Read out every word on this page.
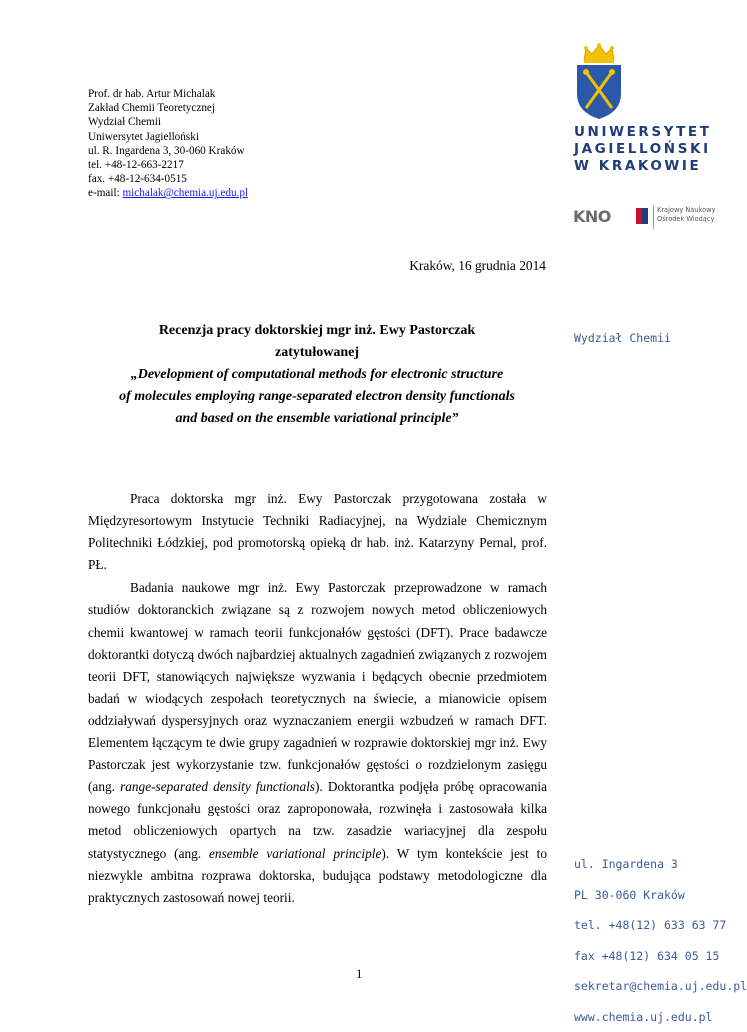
Prof. dr hab. Artur Michalak
Zakład Chemii Teoretycznej
Wydział Chemii
Uniwersytet Jagielloński
ul. R. Ingardena 3, 30-060 Kraków
tel. +48-12-663-2217
fax. +48-12-634-0515
e-mail: michalak@chemia.uj.edu.pl
UNIWERSYTET
JAGIELLOŃSKI
W KRAKOWIE
KNO	Krajowy Naukowy
Ośrodek Wiodący
Kraków, 16 grudnia 2014
Wydział Chemii
Recenzja pracy doktorskiej mgr inż. Ewy Pastorczak
zatytułowanej
„Development of computational methods for electronic structure
of molecules employing range-separated electron density functionals
and based on the ensemble variational principle”

Praca doktorska mgr inż. Ewy Pastorczak przygotowana została w Międzyresortowym Instytucie Techniki Radiacyjnej, na Wydziale Chemicznym Politechniki Łódzkiej, pod promotorską opieką dr hab. inż. Katarzyny Pernal, prof. PŁ.

Badania naukowe mgr inż. Ewy Pastorczak przeprowadzone w ramach studiów doktoranckich związane są z rozwojem nowych metod obliczeniowych chemii kwantowej w ramach teorii funkcjonałów gęstości (DFT). Prace badawcze doktorantki dotyczą dwóch najbardziej aktualnych zagadnień związanych z rozwojem teorii DFT, stanowiących największe wyzwania i będących obecnie przedmiotem badań w wiodących zespołach teoretycznych na świecie, a mianowicie opisem oddziaływań dyspersyjnych oraz wyznaczaniem energii wzbudzeń w ramach DFT. Elementem łączącym te dwie grupy zagadnień w rozprawie doktorskiej mgr inż. Ewy Pastorczak jest wykorzystanie tzw. funkcjonałów gęstości o rozdzielonym zasięgu (ang. range-separated density functionals). Doktorantka podjęła próbę opracowania nowego funkcjonału gęstości oraz zaproponowała, rozwinęła i zastosowała kilka metod obliczeniowych opartych na tzw. zasadzie wariacyjnej dla zespołu statystycznego (ang. ensemble variational principle). W tym kontekście jest to niezwykle ambitna rozprawa doktorska, budująca podstawy metodologiczne dla praktycznych zastosowań nowej teorii.

1
ul. Ingardena 3
PL 30-060 Kraków
tel. +48(12) 633 63 77
fax +48(12) 634 05 15
sekretar@chemia.uj.edu.pl
www.chemia.uj.edu.pl
